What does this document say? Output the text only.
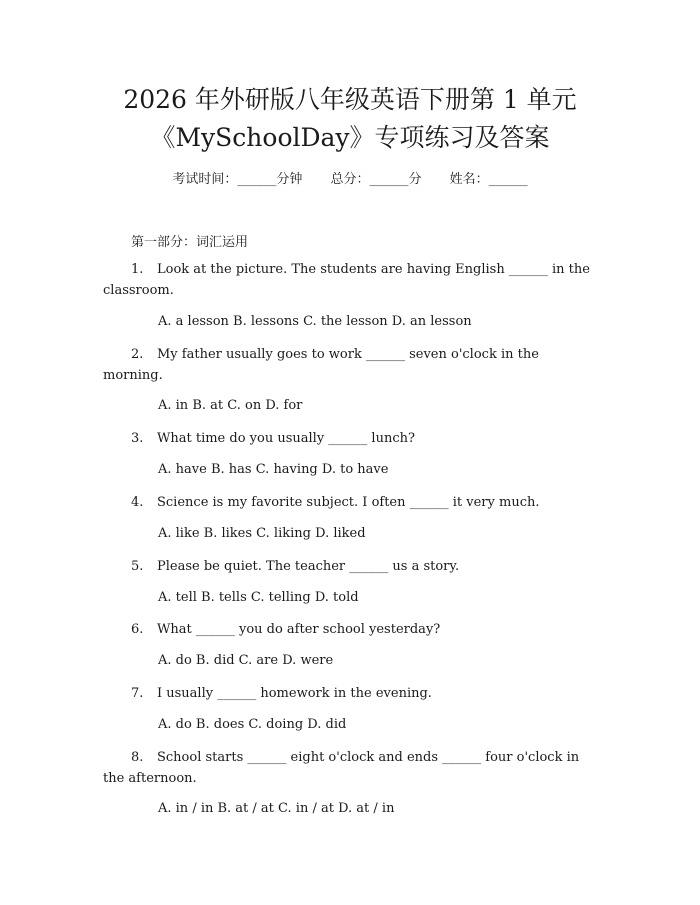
2026 年外研版八年级英语下册第 1 单元
《MySchoolDay》专项练习及答案
考试时间：______分钟 总分：______分 姓名：______
第一部分：词汇运用
1. Look at the picture. The students are having English ______ in the classroom.
A. a lesson B. lessons C. the lesson D. an lesson
2. My father usually goes to work ______ seven o'clock in the morning.
A. in B. at C. on D. for
3. What time do you usually ______ lunch?
A. have B. has C. having D. to have
4. Science is my favorite subject. I often ______ it very much.
A. like B. likes C. liking D. liked
5. Please be quiet. The teacher ______ us a story.
A. tell B. tells C. telling D. told
6. What ______ you do after school yesterday?
A. do B. did C. are D. were
7. I usually ______ homework in the evening.
A. do B. does C. doing D. did
8. School starts ______ eight o'clock and ends ______ four o'clock in the afternoon.
A. in / in B. at / at C. in / at D. at / in
